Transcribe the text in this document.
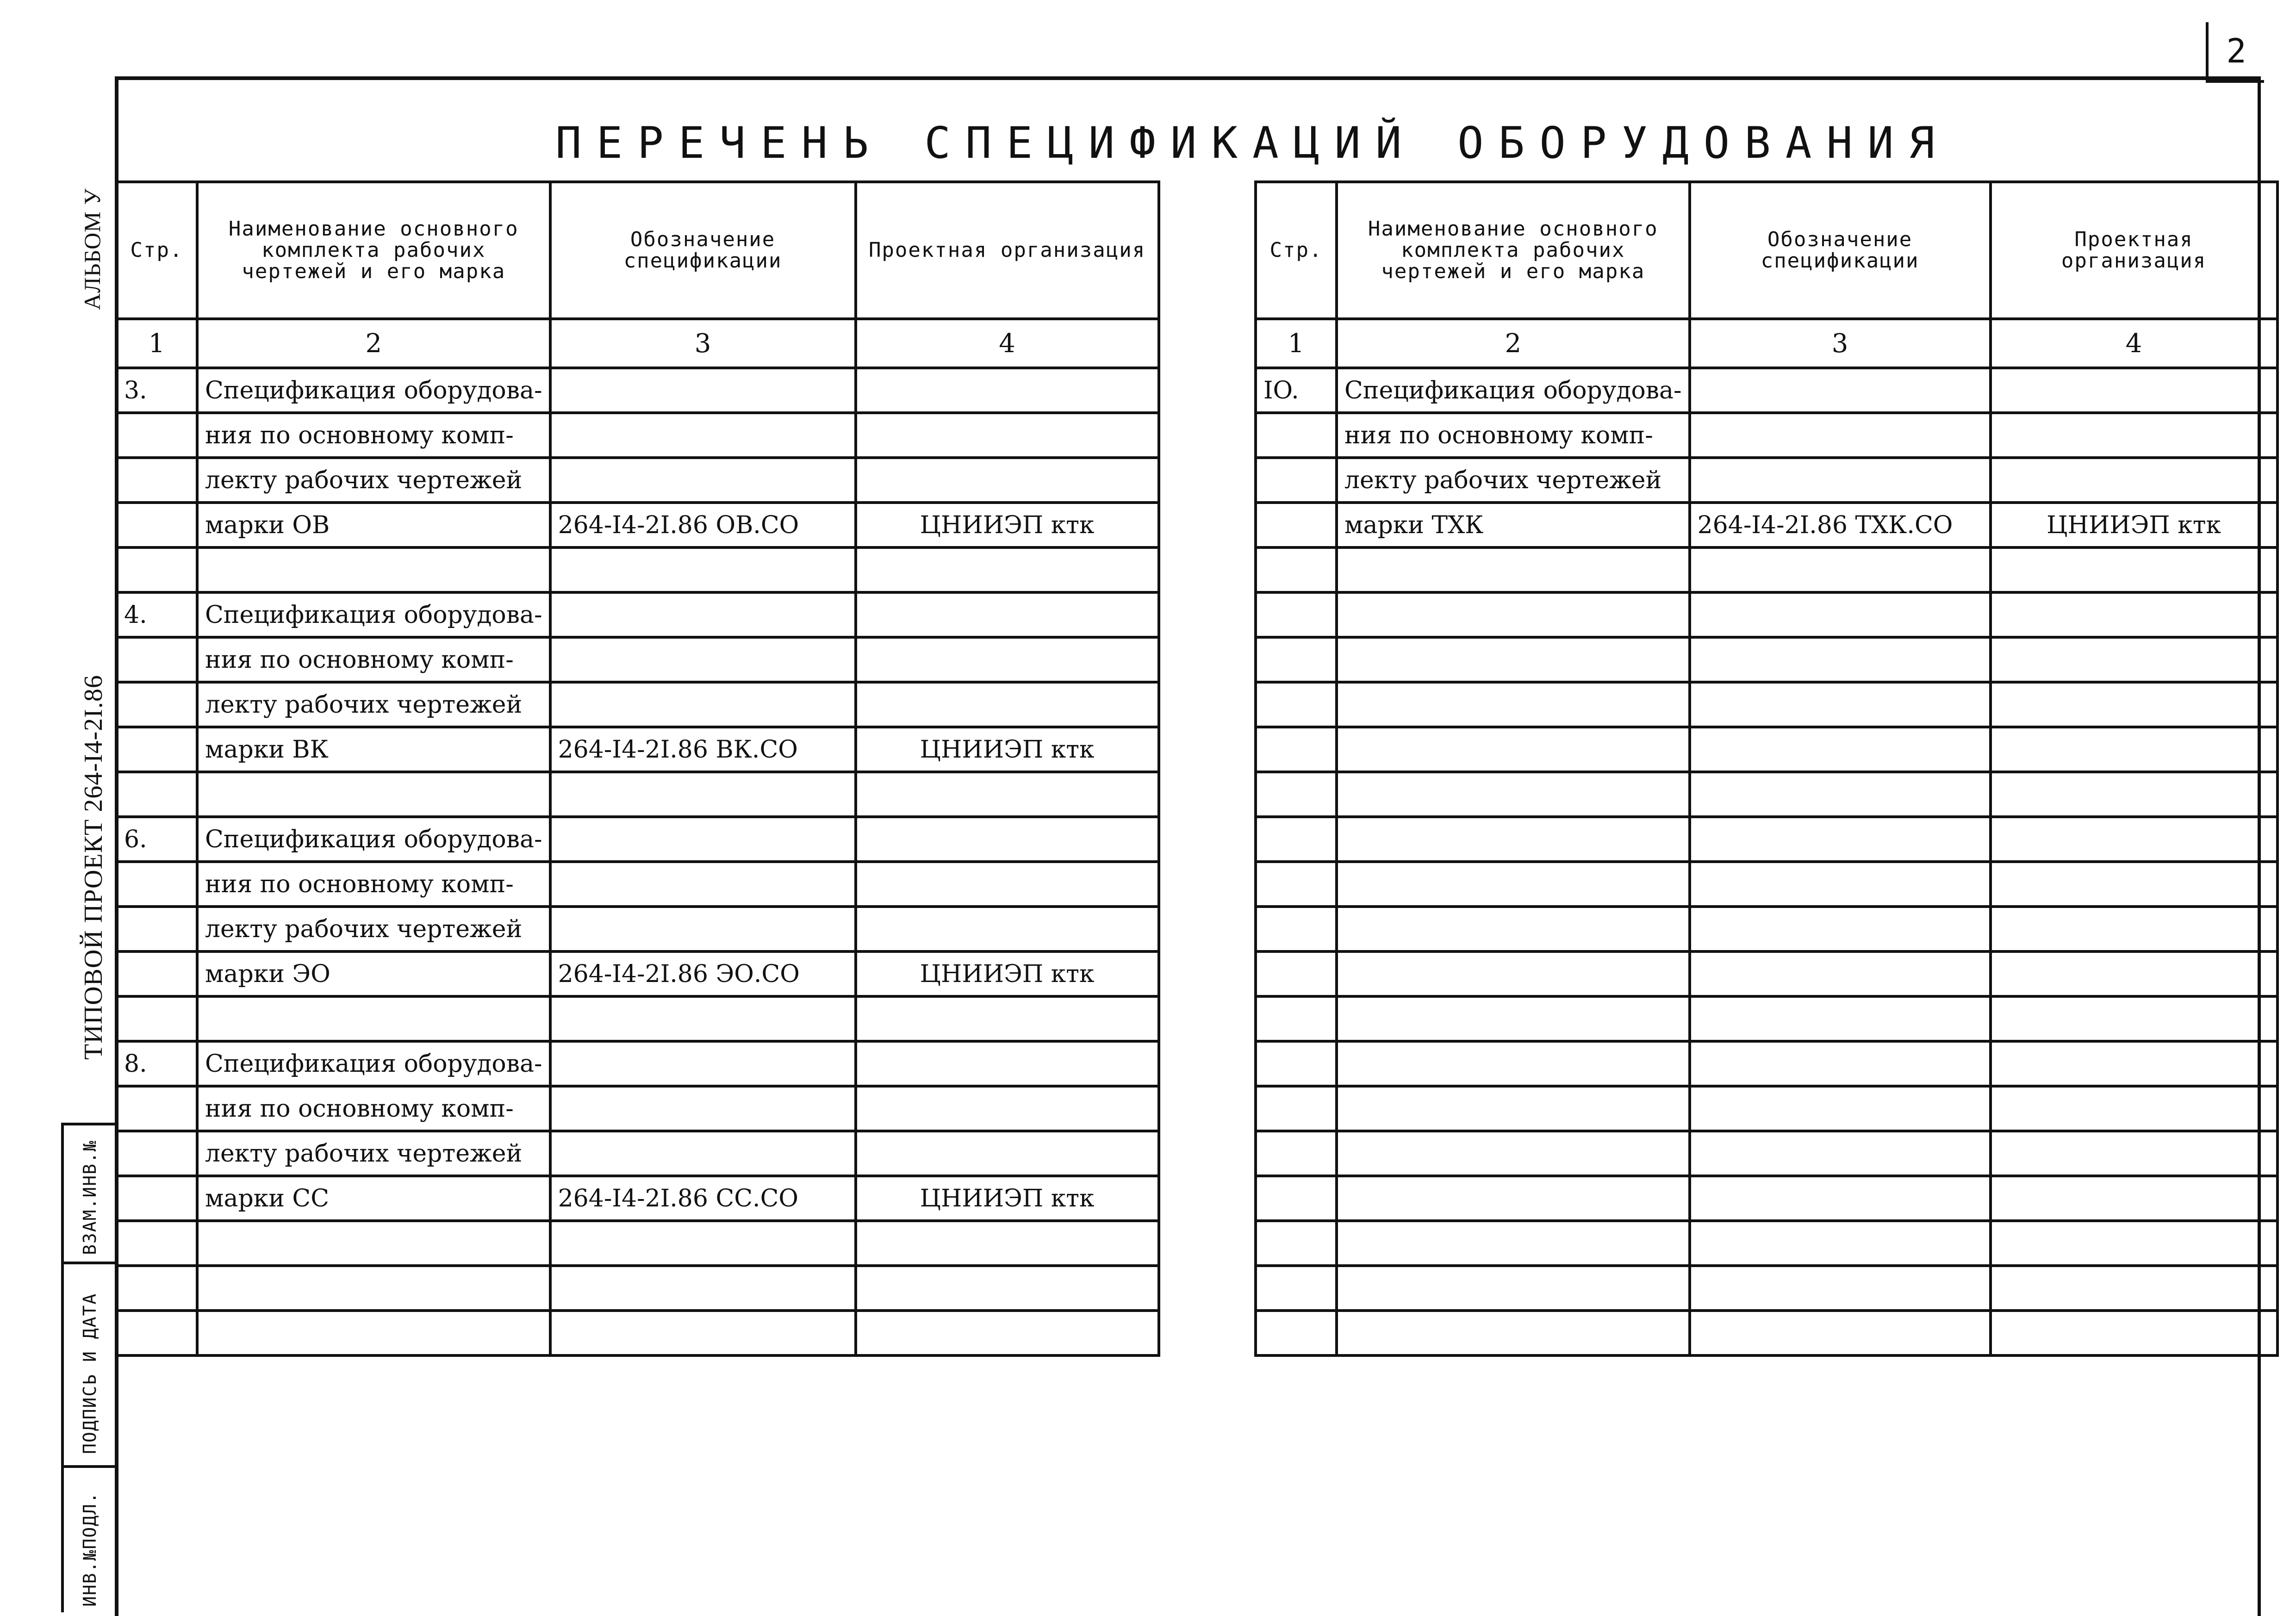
2
АЛЬБОМ У
ТИПОВОЙ ПРОЕКТ 264-I4-2I.86
ВЗАМ.ИНВ.№
ПОДПИСЬ И ДАТА
ИНВ.№ПОДЛ.
ПЕРЕЧЕНЬ СПЕЦИФИКАЦИЙ ОБОРУДОВАНИЯ
Стр.	Наименование основного комплекта рабочих чертежей и его марка	Обозначение спецификации	Проектная организация
1	2	3	4
3.	Спецификация оборудова-		
	ния по основному комп-		
	лекту рабочих чертежей		
	марки ОВ	264-I4-2I.86 ОВ.СО	ЦНИИЭП ктк

4.	Спецификация оборудова-		
	ния по основному комп-		
	лекту рабочих чертежей		
	марки ВК	264-I4-2I.86 ВК.СО	ЦНИИЭП ктк

6.	Спецификация оборудова-		
	ния по основному комп-		
	лекту рабочих чертежей		
	марки ЭО	264-I4-2I.86 ЭО.СО	ЦНИИЭП ктк

8.	Спецификация оборудова-		
	ния по основному комп-		
	лекту рабочих чертежей		
	марки СС	264-I4-2I.86 СС.СО	ЦНИИЭП ктк

Стр.	Наименование основного комплекта рабочих чертежей и его марка	Обозначение спецификации	Проектная организация
1	2	3	4
IO.	Спецификация оборудова-		
	ния по основному комп-		
	лекту рабочих чертежей		
	марки ТХК	264-I4-2I.86 ТХК.СО	ЦНИИЭП ктк
